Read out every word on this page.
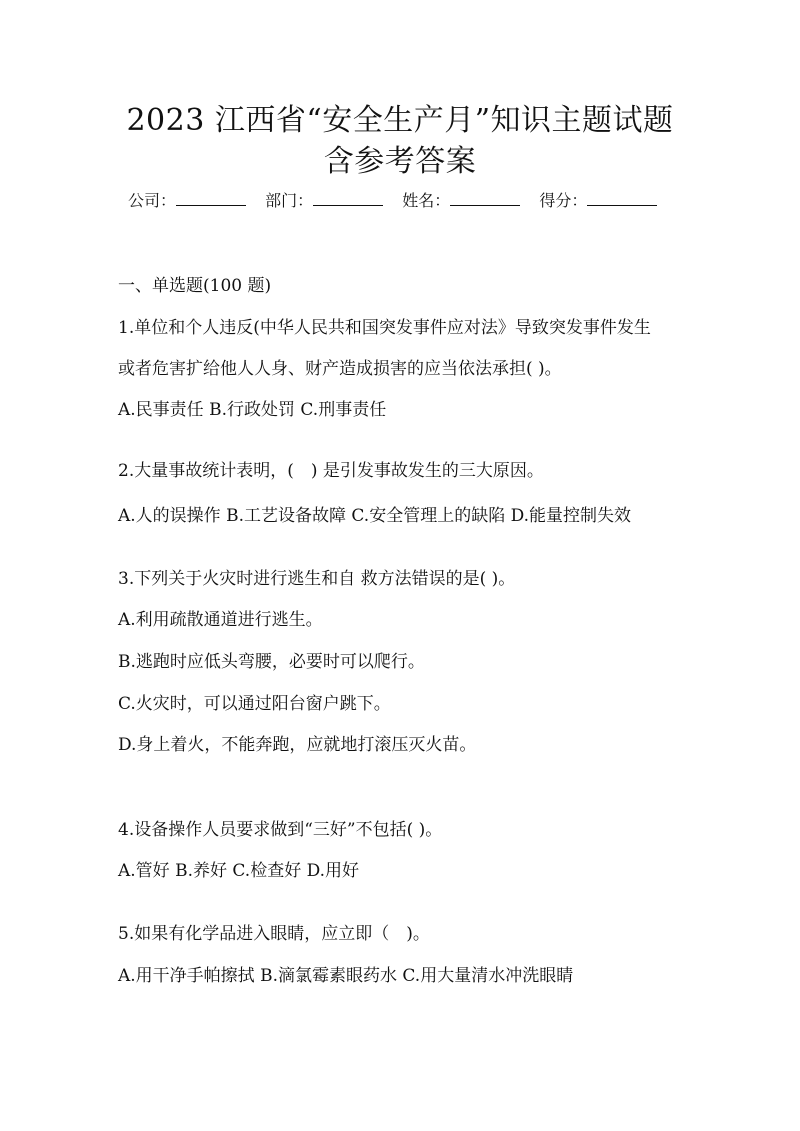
2023 江西省“安全生产月”知识主题试题
含参考答案
公司：	部门：	姓名：	得分：
一、单选题(100 题)
1.单位和个人违反(中华人民共和国突发事件应对法》导致突发事件发生
或者危害扩给他人人身、财产造成损害的应当依法承担( )。
A.民事责任 B.行政处罚 C.刑事责任
2.大量事故统计表明，(　) 是引发事故发生的三大原因。
A.人的误操作 B.工艺设备故障 C.安全管理上的缺陷 D.能量控制失效
3.下列关于火灾时进行逃生和自 救方法错误的是( )。
A.利用疏散通道进行逃生。
B.逃跑时应低头弯腰，必要时可以爬行。
C.火灾时，可以通过阳台窗户跳下。
D.身上着火，不能奔跑，应就地打滚压灭火苗。
4.设备操作人员要求做到“三好”不包括( )。
A.管好 B.养好 C.检查好 D.用好
5.如果有化学品进入眼睛，应立即（　)。
A.用干净手帕擦拭 B.滴氯霉素眼药水 C.用大量清水冲洗眼睛
